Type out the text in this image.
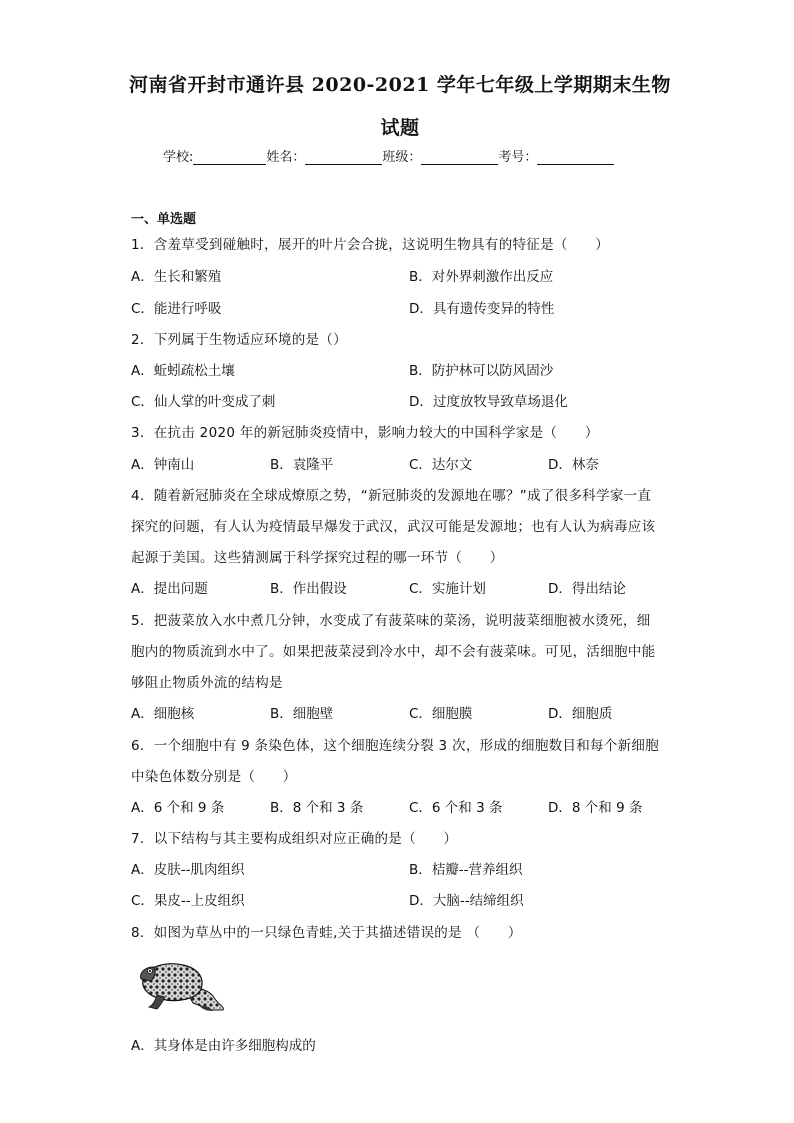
河南省开封市通许县 2020-2021 学年七年级上学期期末生物
试题
学校:	姓名：	班级：	考号：
一、单选题
1．含羞草受到碰触时，展开的叶片会合拢，这说明生物具有的特征是（　　）
A．生长和繁殖	B．对外界刺激作出反应
C．能进行呼吸	D．具有遗传变异的特性
2．下列属于生物适应环境的是（）
A．蚯蚓疏松土壤	B．防护林可以防风固沙
C．仙人掌的叶变成了刺	D．过度放牧导致草场退化
3．在抗击 2020 年的新冠肺炎疫情中，影响力较大的中国科学家是（　　）
A．钟南山	B．袁隆平	C．达尔文	D．林奈
4．随着新冠肺炎在全球成燎原之势，“新冠肺炎的发源地在哪？”成了很多科学家一直
探究的问题，有人认为疫情最早爆发于武汉，武汉可能是发源地；也有人认为病毒应该
起源于美国。这些猜测属于科学探究过程的哪一环节（　　）
A．提出问题	B．作出假设	C．实施计划	D．得出结论
5．把菠菜放入水中煮几分钟，水变成了有菠菜味的菜汤，说明菠菜细胞被水烫死，细
胞内的物质流到水中了。如果把菠菜浸到冷水中，却不会有菠菜味。可见，活细胞中能
够阻止物质外流的结构是
A．细胞核	B．细胞壁	C．细胞膜	D．细胞质
6．一个细胞中有 9 条染色体，这个细胞连续分裂 3 次，形成的细胞数目和每个新细胞
中染色体数分别是（　　）
A．6 个和 9 条	B．8 个和 3 条	C．6 个和 3 条	D．8 个和 9 条
7．以下结构与其主要构成组织对应正确的是（　　）
A．皮肤--肌肉组织	B．桔瓣--营养组织
C．果皮--上皮组织	D．大脑--结缔组织
8．如图为草丛中的一只绿色青蛙,关于其描述错误的是 （　　）
A．其身体是由许多细胞构成的
